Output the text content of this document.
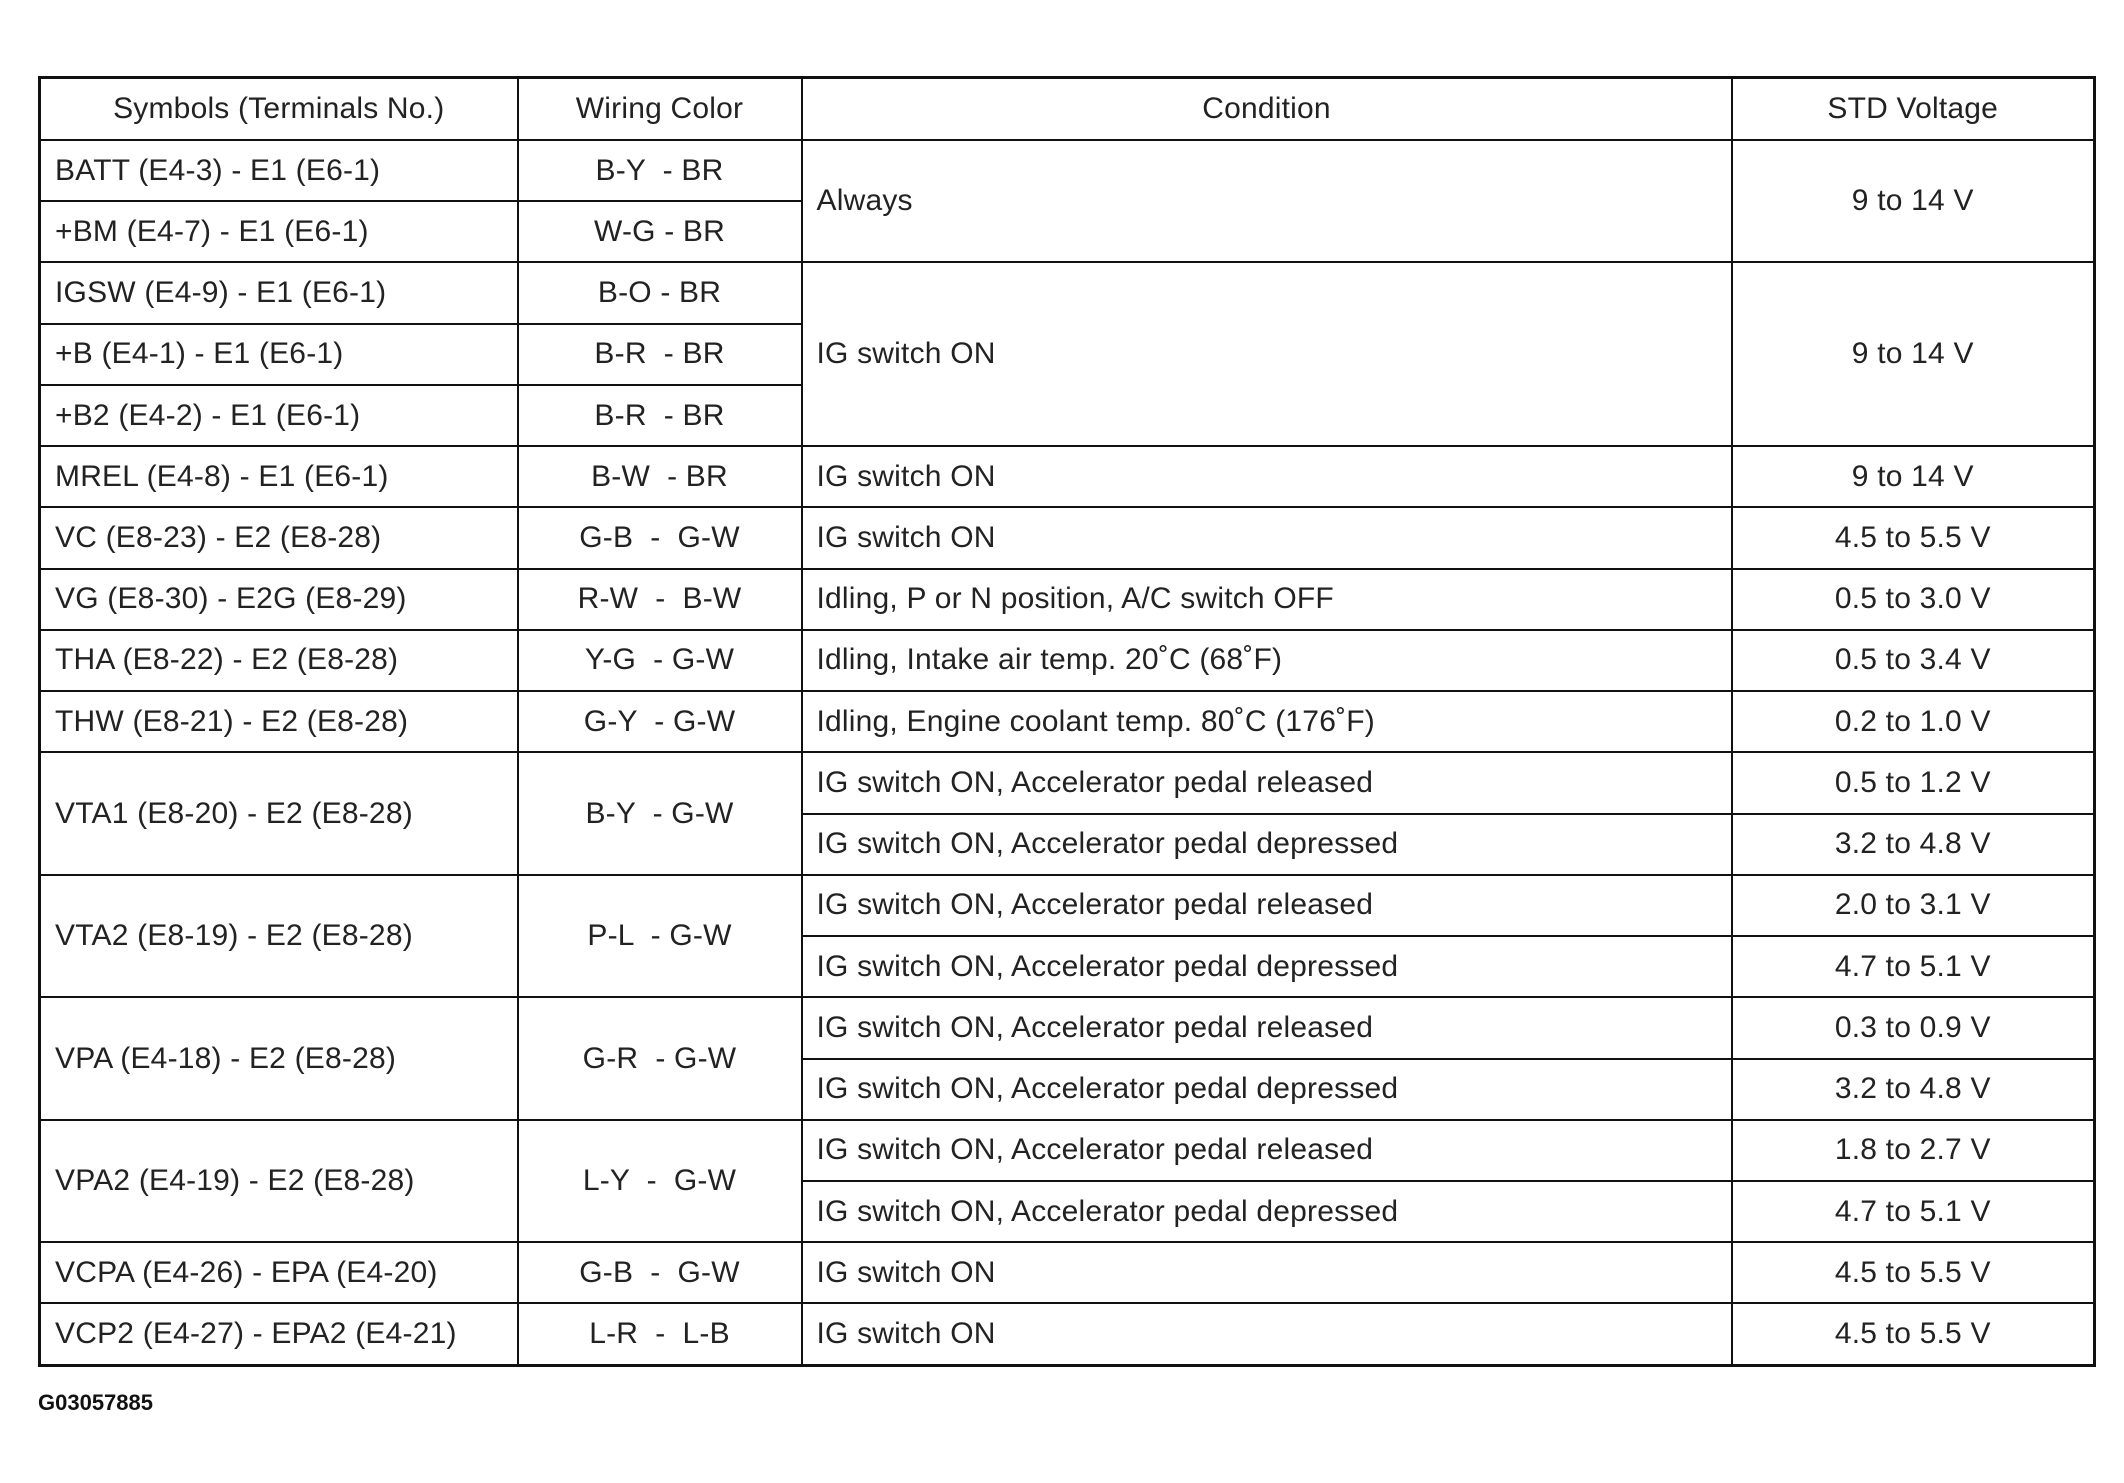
Symbols (Terminals No.)	Wiring Color	Condition	STD Voltage
BATT (E4-3) - E1 (E6-1)	B-Y  - BR	Always	9 to 14 V
+BM (E4-7) - E1 (E6-1)	W-G - BR		
IGSW (E4-9) - E1 (E6-1)	B-O - BR	IG switch ON	9 to 14 V
+B (E4-1) - E1 (E6-1)	B-R  - BR		
+B2 (E4-2) - E1 (E6-1)	B-R  - BR		
MREL (E4-8) - E1 (E6-1)	B-W  - BR	IG switch ON	9 to 14 V
VC (E8-23) - E2 (E8-28)	G-B  -  G-W	IG switch ON	4.5 to 5.5 V
VG (E8-30) - E2G (E8-29)	R-W  -  B-W	Idling, P or N position, A/C switch OFF	0.5 to 3.0 V
THA (E8-22) - E2 (E8-28)	Y-G  - G-W	Idling, Intake air temp. 20˚C (68˚F)	0.5 to 3.4 V
THW (E8-21) - E2 (E8-28)	G-Y  - G-W	Idling, Engine coolant temp. 80˚C (176˚F)	0.2 to 1.0 V
VTA1 (E8-20) - E2 (E8-28)	B-Y  - G-W	IG switch ON, Accelerator pedal released	0.5 to 1.2 V
		IG switch ON, Accelerator pedal depressed	3.2 to 4.8 V
VTA2 (E8-19) - E2 (E8-28)	P-L  - G-W	IG switch ON, Accelerator pedal released	2.0 to 3.1 V
		IG switch ON, Accelerator pedal depressed	4.7 to 5.1 V
VPA (E4-18) - E2 (E8-28)	G-R  - G-W	IG switch ON, Accelerator pedal released	0.3 to 0.9 V
		IG switch ON, Accelerator pedal depressed	3.2 to 4.8 V
VPA2 (E4-19) - E2 (E8-28)	L-Y  -  G-W	IG switch ON, Accelerator pedal released	1.8 to 2.7 V
		IG switch ON, Accelerator pedal depressed	4.7 to 5.1 V
VCPA (E4-26) - EPA (E4-20)	G-B  -  G-W	IG switch ON	4.5 to 5.5 V
VCP2 (E4-27) - EPA2 (E4-21)	L-R  -  L-B	IG switch ON	4.5 to 5.5 V
G03057885
